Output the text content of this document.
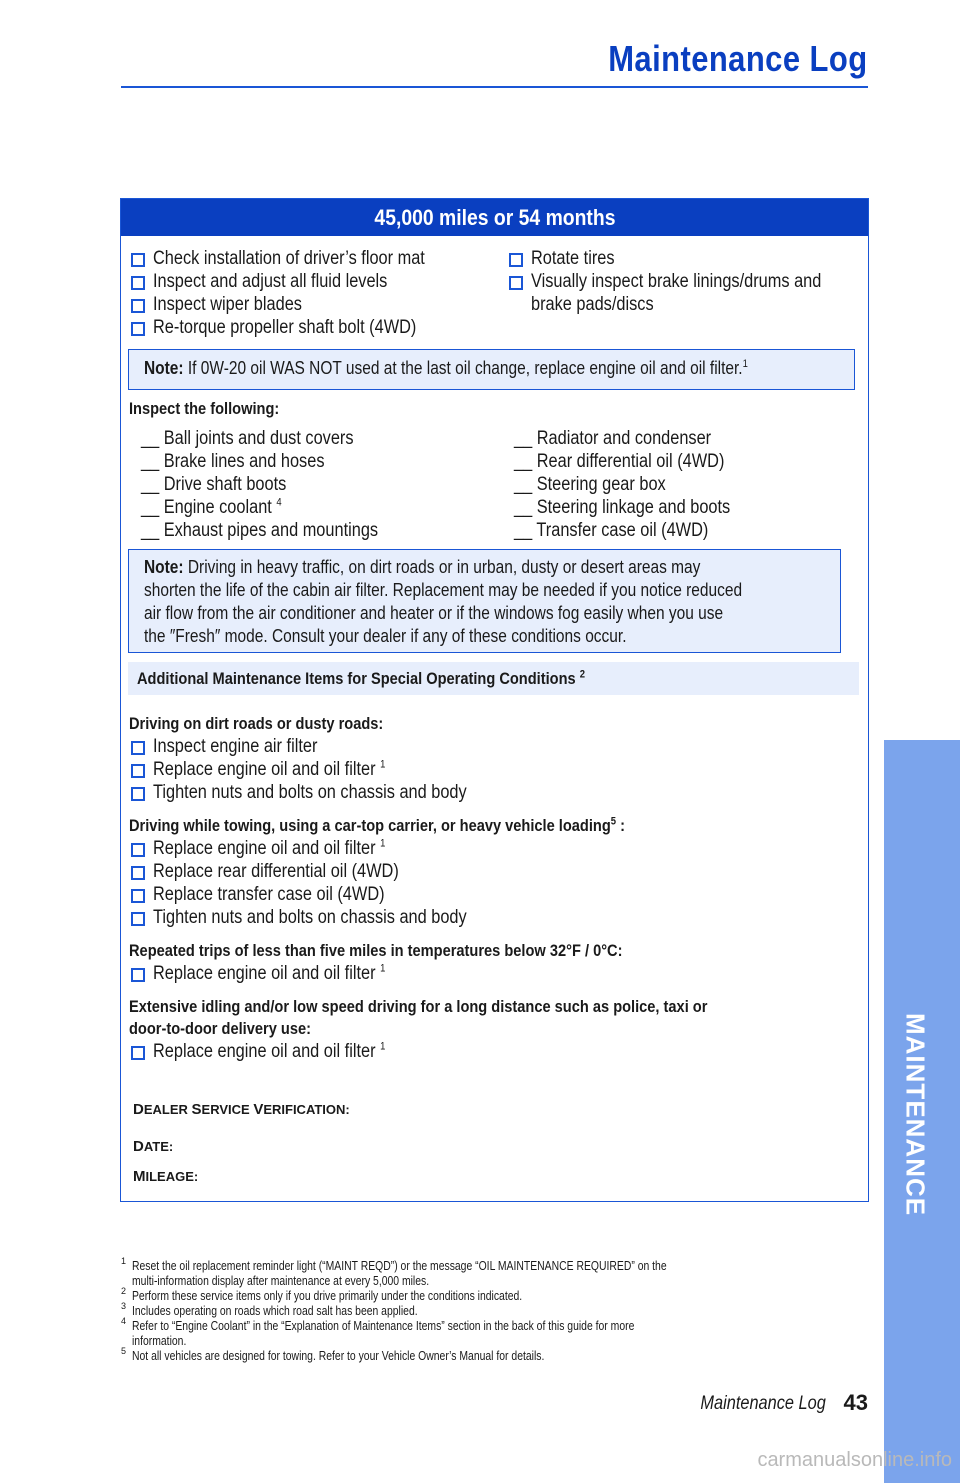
Maintenance Log
MAINTENANCE
45,000 miles or 54 months
Check installation of driver’s floor mat
Inspect and adjust all fluid levels
Inspect wiper blades
Re-torque propeller shaft bolt (4WD)
Rotate tires
Visually inspect brake linings/drums and
brake pads/discs
Note: If 0W-20 oil WAS NOT used at the last oil change, replace engine oil and oil filter.$^1$
Inspect the following:
__ Ball joints and dust covers
__ Brake lines and hoses
__ Drive shaft boots
__ Engine coolant $^4$
__ Exhaust pipes and mountings
__ Radiator and condenser
__ Rear differential oil (4WD)
__ Steering gear box
__ Steering linkage and boots
__ Transfer case oil (4WD)
Note: Driving in heavy traffic, on dirt roads or in urban, dusty or desert areas may
shorten the life of the cabin air filter. Replacement may be needed if you notice reduced
air flow from the air conditioner and heater or if the windows fog easily when you use
the ″Fresh″ mode. Consult your dealer if any of these conditions occur.
Additional Maintenance Items for Special Operating Conditions $^2$
Driving on dirt roads or dusty roads:
Inspect engine air filter
Replace engine oil and oil filter $^1$
Tighten nuts and bolts on chassis and body
Driving while towing, using a car-top carrier, or heavy vehicle loading$^5$ :
Replace engine oil and oil filter $^1$
Replace rear differential oil (4WD)
Replace transfer case oil (4WD)
Tighten nuts and bolts on chassis and body
Repeated trips of less than five miles in temperatures below 32°F / 0°C:
Replace engine oil and oil filter $^1$
Extensive idling and/or low speed driving for a long distance such as police, taxi or
door-to-door delivery use:
Replace engine oil and oil filter $^1$
DEALER SERVICE VERIFICATION:
DATE:
MILEAGE:
1 Reset the oil replacement reminder light (“MAINT REQD”) or the message “OIL MAINTENANCE REQUIRED” on the
multi-information display after maintenance at every 5,000 miles.
2 Perform these service items only if you drive primarily under the conditions indicated.
3 Includes operating on roads which road salt has been applied.
4 Refer to “Engine Coolant” in the “Explanation of Maintenance Items” section in the back of this guide for more
information.
5 Not all vehicles are designed for towing. Refer to your Vehicle Owner’s Manual for details.
Maintenance Log 43
carmanualsonline.info
